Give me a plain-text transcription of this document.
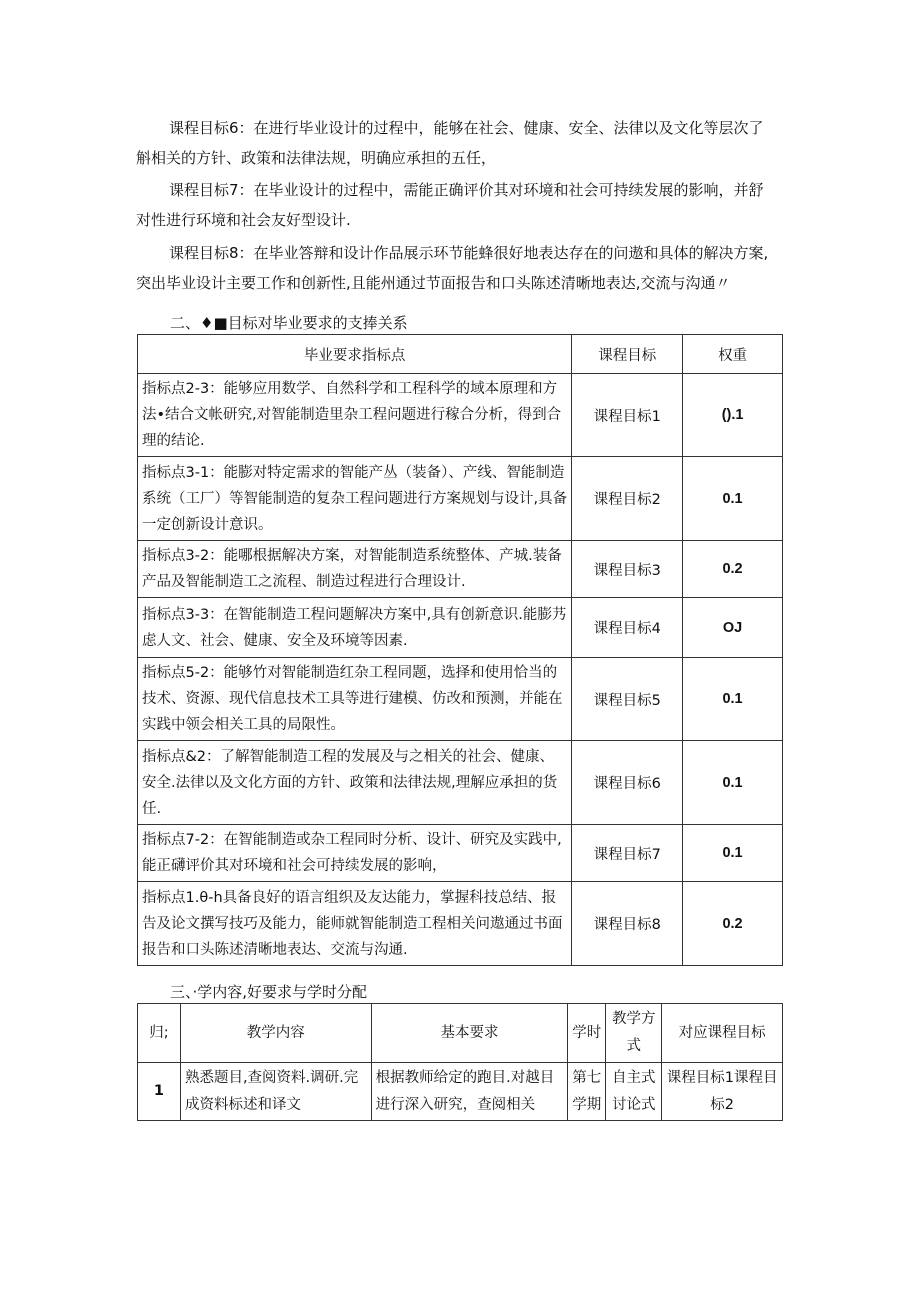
课程目标6：在进行毕业设计的过程中，能够在社会、健康、安全、法律以及文化等层次了

斛相关的方针、政策和法律法规，明确应承担的五任，

课程目标7：在毕业设计的过程中，需能正确评价其对环境和社会可持续发展的影响，并舒

对性进行环境和社会友好型设计.

课程目标8：在毕业答辩和设计作品展示环节能蜂很好地表达存在的问遨和具体的解决方案,

突出毕业设计主要工作和创新性,且能州通过节面报告和口头陈述清晰地表达,交流与沟通〃

二、♦■目标对毕业要求的支捧关系
毕业要求指标点	课程目标	权重
指标点2-3：能够应用数学、自然科学和工程科学的域本原理和方法•结合文帐研究,对智能制造里杂工程问题进行稼合分析，得到合理的结论.	课程目标1	().1
指标点3-1：能膨对特定需求的智能产丛（装备）、产线、智能制造系统（工厂）等智能制造的复杂工程问题进行方案规划与设计,具备一定创新设计意识。	课程目标2	0.1
指标点3-2：能哪根据解决方案，对智能制造系统整体、产城.装备产品及智能制造工之流程、制造过程进行合理设计.	课程目标3	0.2
指标点3-3：在智能制造工程问题解决方案中,具有创新意识.能膨艿虑人文、社会、健康、安全及环境等因素.	课程目标4	OJ
指标点5-2：能够竹对智能制造红杂工程同题，选择和使用恰当的技术、资源、现代信息技术工具等进行建模、仿改和预测，并能在实践中领会相关工具的局限性。	课程目标5	0.1
指标点&2：了解智能制造工程的发展及与之相关的社会、健康、安全.法律以及文化方面的方针、政策和法律法规,理解应承担的货任.	课程目标6	0.1
指标点7-2：在智能制造或杂工程同时分析、设计、研究及实践中,能正礴评价其对环境和社会可持续发展的影响，	课程目标7	0.1
指标点1.θ-h具备良好的语言组织及友达能力，掌握科技总结、报告及论文撰写技巧及能力，能师就智能制造工程相关问遨通过书面报告和口头陈述清晰地表达、交流与沟通.	课程目标8	0.2
三、·学内容,好要求与学时分配
归;	教学内容	基本要求	学时	教学方式	对应课程目标
1	熟悉题目,查阅资料.调研.完成资料标述和译文	根据教师给定的跑目.对越目进行深入研究，查阅相关	第七学期	自主式讨论式	课程目标1课程目标2
